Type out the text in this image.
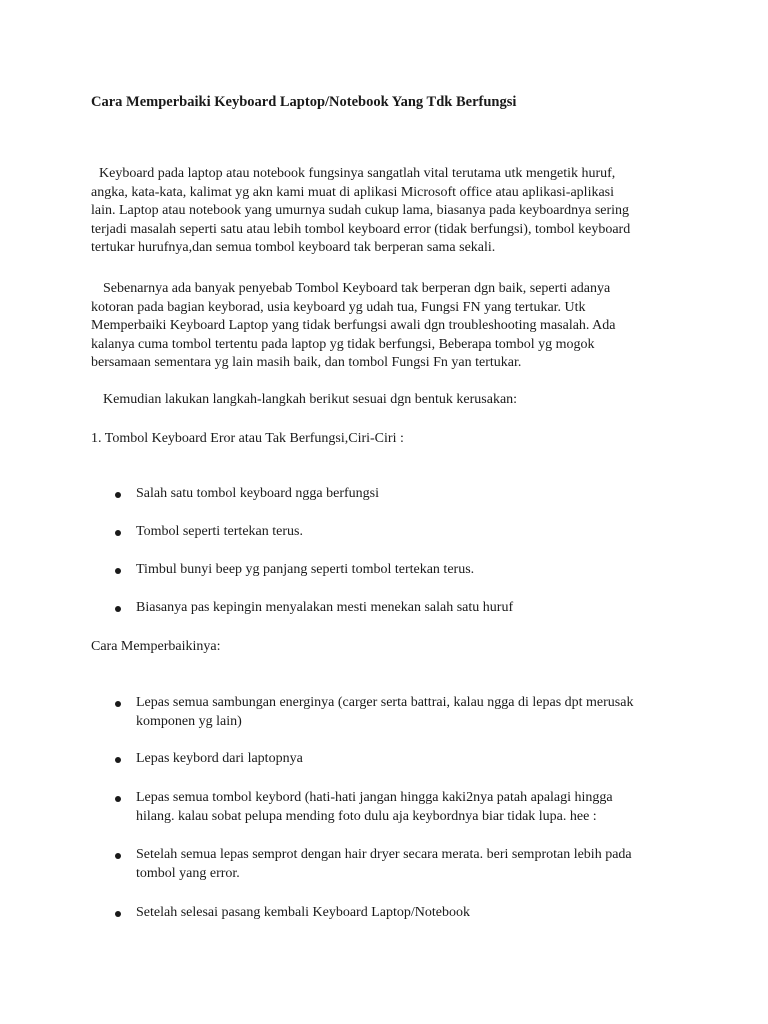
Cara Memperbaiki Keyboard Laptop/Notebook Yang Tdk Berfungsi

Keyboard pada laptop atau notebook fungsinya sangatlah vital terutama utk mengetik huruf,
angka, kata-kata, kalimat yg akn kami muat di aplikasi Microsoft office atau aplikasi-aplikasi
lain. Laptop atau notebook yang umurnya sudah cukup lama, biasanya pada keyboardnya sering
terjadi masalah seperti satu atau lebih tombol keyboard error (tidak berfungsi), tombol keyboard
tertukar hurufnya,dan semua tombol keyboard tak berperan sama sekali.

Sebenarnya ada banyak penyebab Tombol Keyboard tak berperan dgn baik, seperti adanya
kotoran pada bagian keyborad, usia keyboard yg udah tua, Fungsi FN yang tertukar. Utk
Memperbaiki Keyboard Laptop yang tidak berfungsi awali dgn troubleshooting masalah. Ada
kalanya cuma tombol tertentu pada laptop yg tidak berfungsi, Beberapa tombol yg mogok
bersamaan sementara yg lain masih baik, dan tombol Fungsi Fn yan tertukar.

Kemudian lakukan langkah-langkah berikut sesuai dgn bentuk kerusakan:

1. Tombol Keyboard Eror atau Tak Berfungsi,Ciri-Ciri :

Salah satu tombol keyboard ngga berfungsi
Tombol seperti tertekan terus.
Timbul bunyi beep yg panjang seperti tombol tertekan terus.
Biasanya pas kepingin menyalakan mesti menekan salah satu huruf

Cara Memperbaikinya:

Lepas semua sambungan energinya (carger serta battrai, kalau ngga di lepas dpt merusak
komponen yg lain)
Lepas keybord dari laptopnya
Lepas semua tombol keybord (hati-hati jangan hingga kaki2nya patah apalagi hingga
hilang. kalau sobat pelupa mending foto dulu aja keybordnya biar tidak lupa. hee :
Setelah semua lepas semprot dengan hair dryer secara merata. beri semprotan lebih pada
tombol yang error.
Setelah selesai pasang kembali Keyboard Laptop/Notebook
